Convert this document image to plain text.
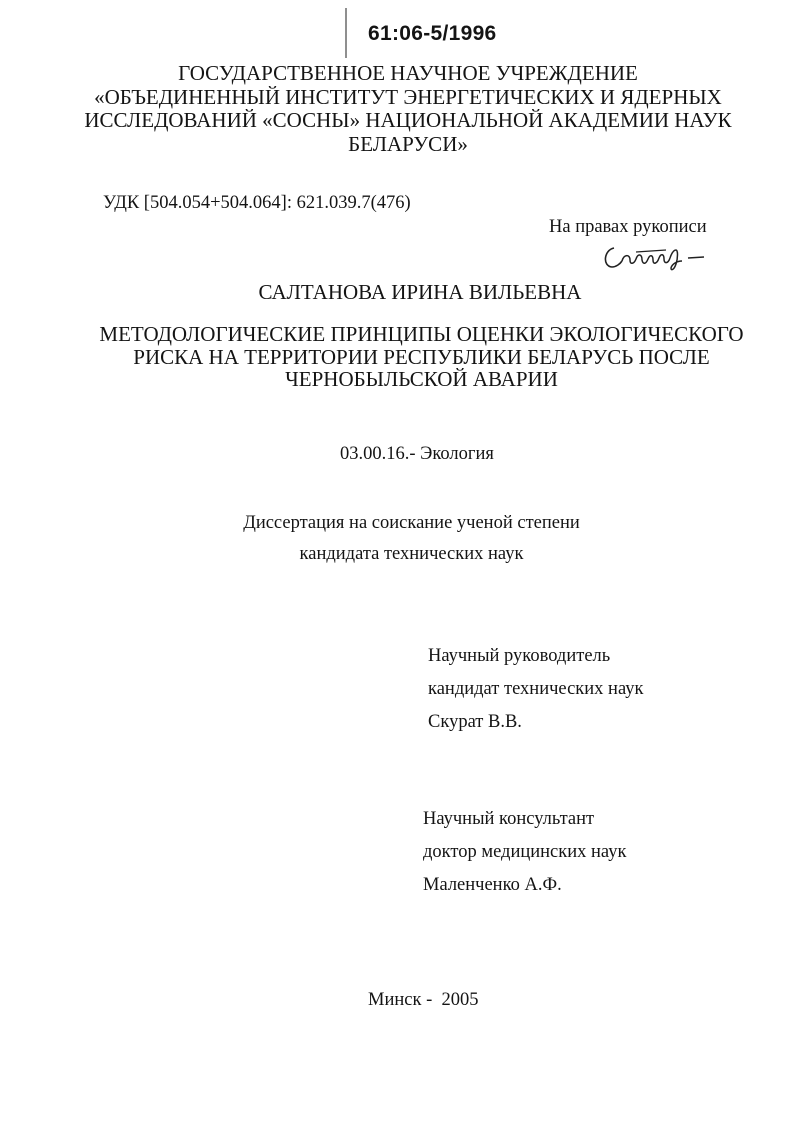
61:06-5/1996
ГОСУДАРСТВЕННОЕ НАУЧНОЕ УЧРЕЖДЕНИЕ
«ОБЪЕДИНЕННЫЙ ИНСТИТУТ ЭНЕРГЕТИЧЕСКИХ И ЯДЕРНЫХ
ИССЛЕДОВАНИЙ «СОСНЫ» НАЦИОНАЛЬНОЙ АКАДЕМИИ НАУК
БЕЛАРУСИ»
УДК [504.054+504.064]: 621.039.7(476)
На правах рукописи
САЛТАНОВА ИРИНА ВИЛЬЕВНА
МЕТОДОЛОГИЧЕСКИЕ ПРИНЦИПЫ ОЦЕНКИ ЭКОЛОГИЧЕСКОГО
РИСКА НА ТЕРРИТОРИИ РЕСПУБЛИКИ БЕЛАРУСЬ ПОСЛЕ
ЧЕРНОБЫЛЬСКОЙ АВАРИИ
03.00.16.- Экология
Диссертация на соискание ученой степени
кандидата технических наук
Научный руководитель
кандидат технических наук
Скурат В.В.
Научный консультант
доктор медицинских наук
Маленченко А.Ф.
Минск -  2005
